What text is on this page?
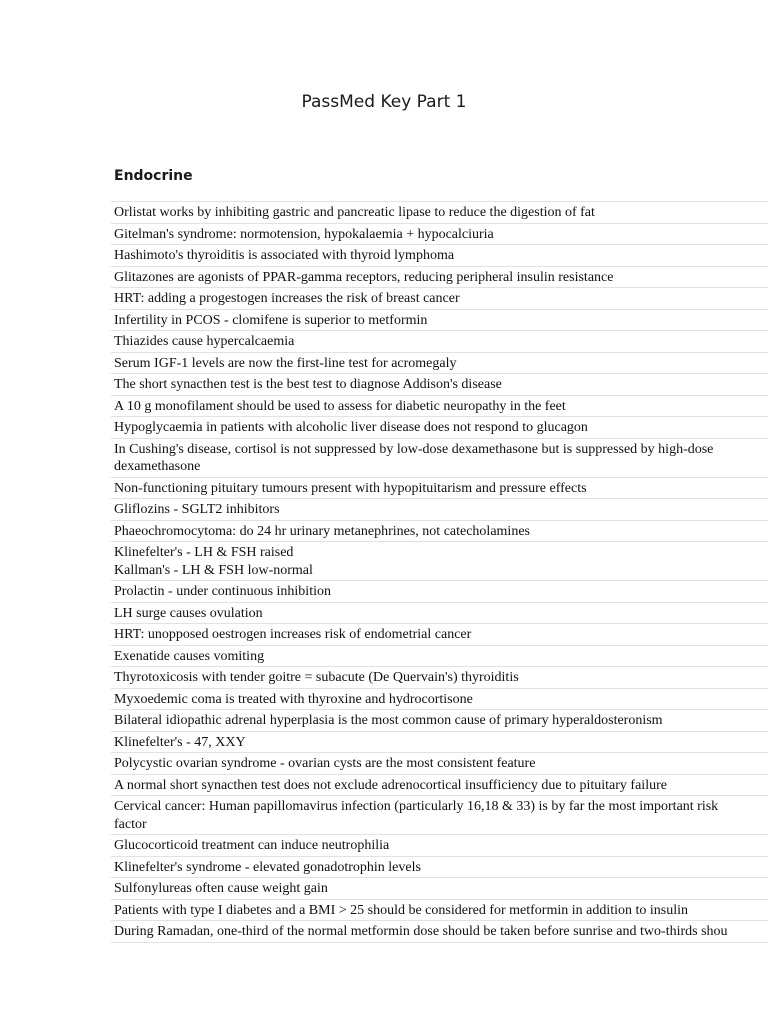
PassMed Key Part 1
Endocrine
Orlistat works by inhibiting gastric and pancreatic lipase to reduce the digestion of fat
Gitelman's syndrome: normotension, hypokalaemia + hypocalciuria
Hashimoto's thyroiditis is associated with thyroid lymphoma
Glitazones are agonists of PPAR-gamma receptors, reducing peripheral insulin resistance
HRT: adding a progestogen increases the risk of breast cancer
Infertility in PCOS - clomifene is superior to metformin
Thiazides cause hypercalcaemia
Serum IGF-1 levels are now the first-line test for acromegaly
The short synacthen test is the best test to diagnose Addison's disease
A 10 g monofilament should be used to assess for diabetic neuropathy in the feet
Hypoglycaemia in patients with alcoholic liver disease does not respond to glucagon
In Cushing's disease, cortisol is not suppressed by low-dose dexamethasone but is suppressed by high-dose
dexamethasone
Non-functioning pituitary tumours present with hypopituitarism and pressure effects
Gliflozins - SGLT2 inhibitors
Phaeochromocytoma: do 24 hr urinary metanephrines, not catecholamines
Klinefelter's - LH & FSH raised
Kallman's - LH & FSH low-normal
Prolactin - under continuous inhibition
LH surge causes ovulation
HRT: unopposed oestrogen increases risk of endometrial cancer
Exenatide causes vomiting
Thyrotoxicosis with tender goitre = subacute (De Quervain's) thyroiditis
Myxoedemic coma is treated with thyroxine and hydrocortisone
Bilateral idiopathic adrenal hyperplasia is the most common cause of primary hyperaldosteronism
Klinefelter's - 47, XXY
Polycystic ovarian syndrome - ovarian cysts are the most consistent feature
A normal short synacthen test does not exclude adrenocortical insufficiency due to pituitary failure
Cervical cancer: Human papillomavirus infection (particularly 16,18 & 33) is by far the most important risk
factor
Glucocorticoid treatment can induce neutrophilia
Klinefelter's syndrome - elevated gonadotrophin levels
Sulfonylureas often cause weight gain
Patients with type I diabetes and a BMI > 25 should be considered for metformin in addition to insulin
During Ramadan, one-third of the normal metformin dose should be taken before sunrise and two-thirds shou
